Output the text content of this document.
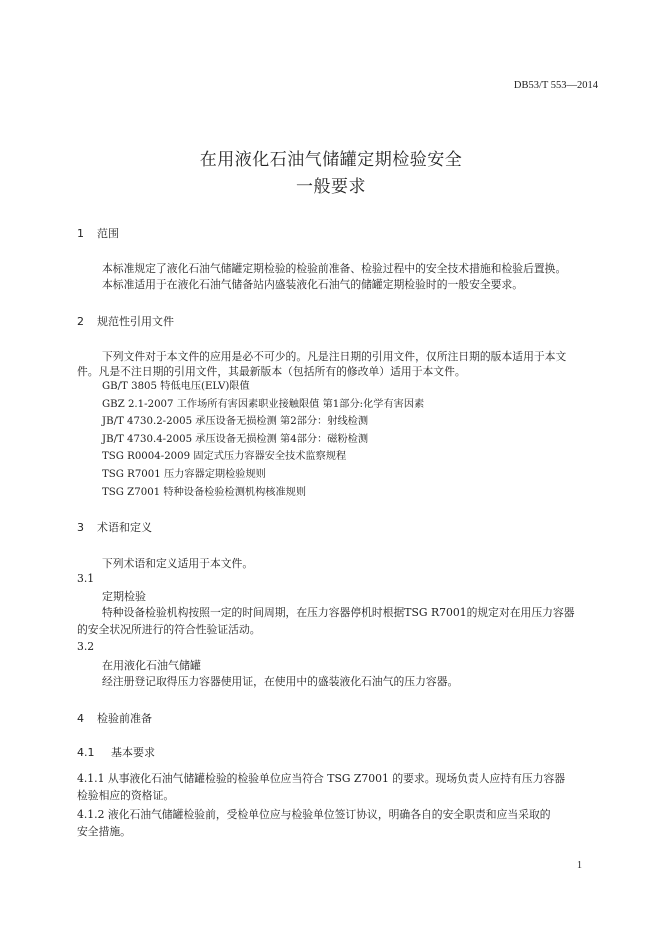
DB53/T 553—2014
在用液化石油气储罐定期检验安全
一般要求
1 范围
本标准规定了液化石油气储罐定期检验的检验前准备、检验过程中的安全技术措施和检验后置换。
本标准适用于在液化石油气储备站内盛装液化石油气的储罐定期检验时的一般安全要求。
2 规范性引用文件
下列文件对于本文件的应用是必不可少的。凡是注日期的引用文件，仅所注日期的版本适用于本文
件。凡是不注日期的引用文件，其最新版本（包括所有的修改单）适用于本文件。
GB/T 3805 特低电压(ELV)限值
GBZ 2.1-2007 工作场所有害因素职业接触限值 第1部分:化学有害因素
JB/T 4730.2-2005 承压设备无损检测 第2部分：射线检测
JB/T 4730.4-2005 承压设备无损检测 第4部分：磁粉检测
TSG R0004-2009 固定式压力容器安全技术监察规程
TSG R7001 压力容器定期检验规则
TSG Z7001 特种设备检验检测机构核准规则
3 术语和定义
下列术语和定义适用于本文件。
3.1
定期检验
特种设备检验机构按照一定的时间周期，在压力容器停机时根据TSG R7001的规定对在用压力容器
的安全状况所进行的符合性验证活动。
3.2
在用液化石油气储罐
经注册登记取得压力容器使用证，在使用中的盛装液化石油气的压力容器。
4 检验前准备
4.1 基本要求
4.1.1 从事液化石油气储罐检验的检验单位应当符合 TSG Z7001 的要求。现场负责人应持有压力容器
检验相应的资格证。
4.1.2 液化石油气储罐检验前，受检单位应与检验单位签订协议，明确各自的安全职责和应当采取的
安全措施。
1
